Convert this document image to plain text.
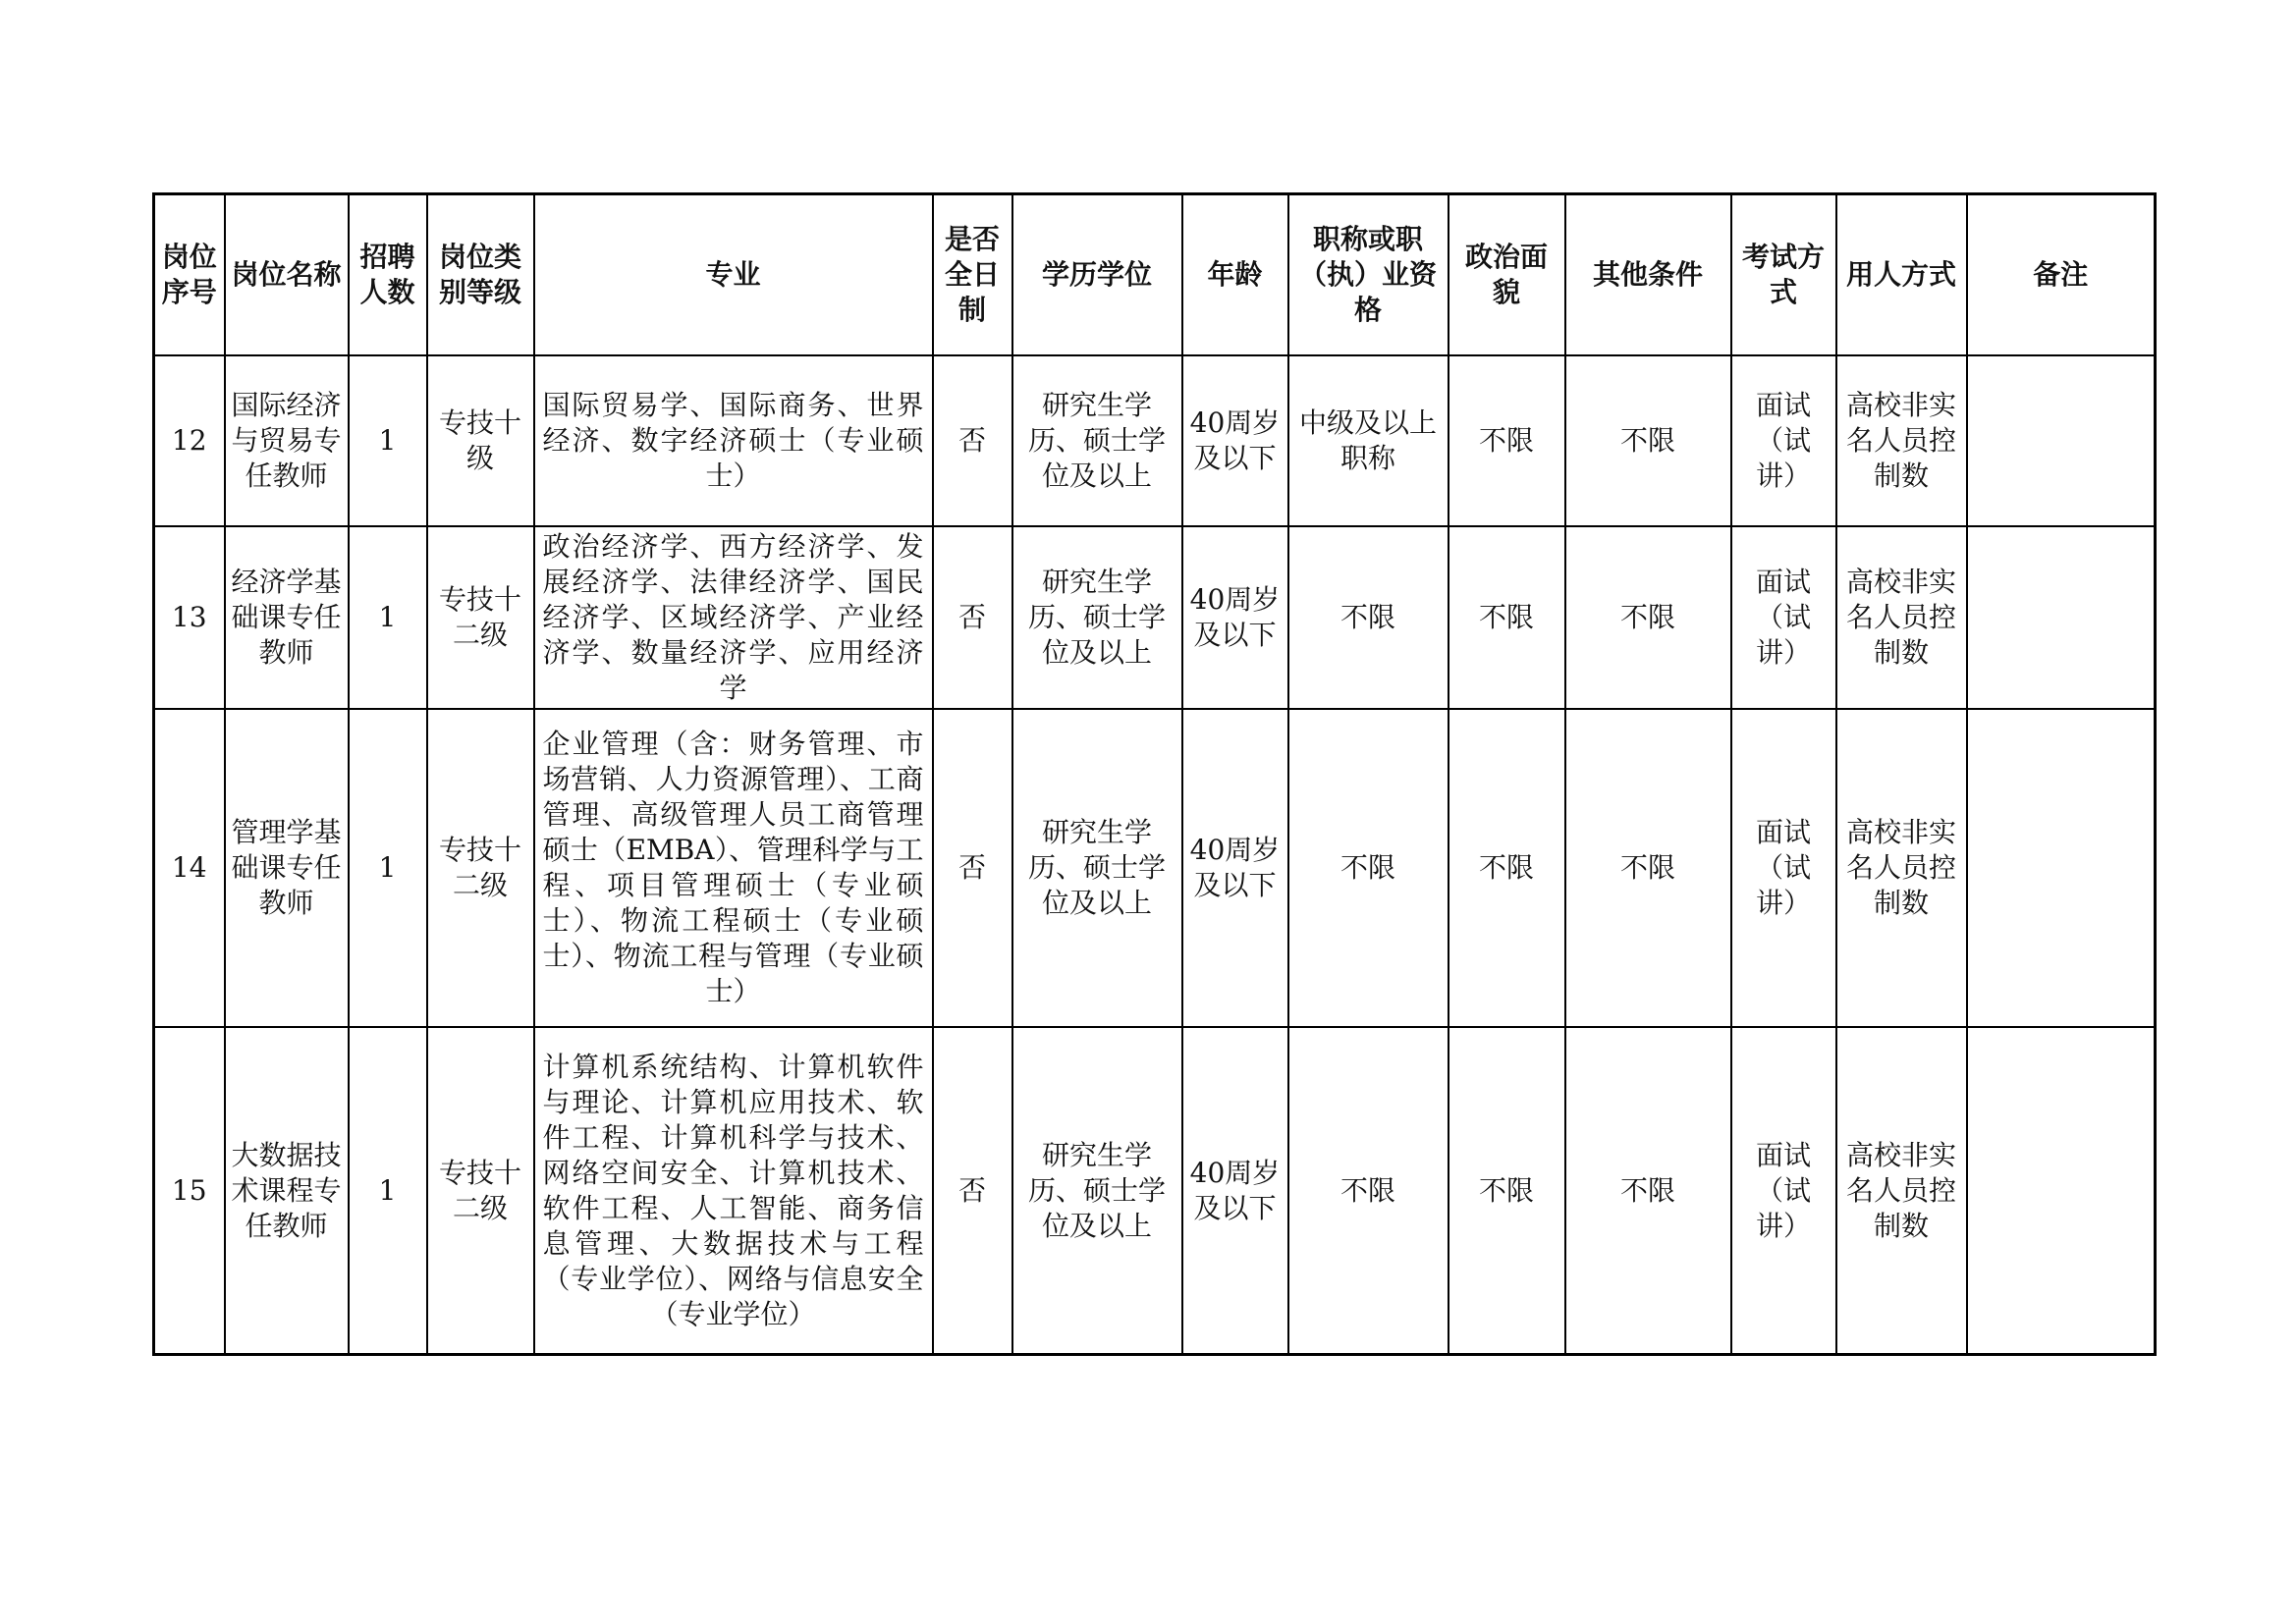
岗位序号	岗位名称	招聘人数	岗位类别等级	专业	是否全日制	学历学位	年龄	职称或职（执）业资格	政治面貌	其他条件	考试方式	用人方式	备注
12	国际经济与贸易专任教师	1	专技十级	国际贸易学、国际商务、世界经济、数字经济硕士（专业硕士）	否	研究生学历、硕士学位及以上	40周岁及以下	中级及以上职称	不限	不限	面试（试讲）	高校非实名人员控制数	
13	经济学基础课专任教师	1	专技十二级	政治经济学、西方经济学、发展经济学、法律经济学、国民经济学、区域经济学、产业经济学、数量经济学、应用经济学	否	研究生学历、硕士学位及以上	40周岁及以下	不限	不限	不限	面试（试讲）	高校非实名人员控制数	
14	管理学基础课专任教师	1	专技十二级	企业管理（含：财务管理、市场营销、人力资源管理）、工商管理、高级管理人员工商管理硕士（EMBA）、管理科学与工程、项目管理硕士（专业硕士）、物流工程硕士（专业硕士）、物流工程与管理（专业硕士）	否	研究生学历、硕士学位及以上	40周岁及以下	不限	不限	不限	面试（试讲）	高校非实名人员控制数	
15	大数据技术课程专任教师	1	专技十二级	计算机系统结构、计算机软件与理论、计算机应用技术、软件工程、计算机科学与技术、网络空间安全、计算机技术、软件工程、人工智能、商务信息管理、大数据技术与工程（专业学位）、网络与信息安全（专业学位）	否	研究生学历、硕士学位及以上	40周岁及以下	不限	不限	不限	面试（试讲）	高校非实名人员控制数	
